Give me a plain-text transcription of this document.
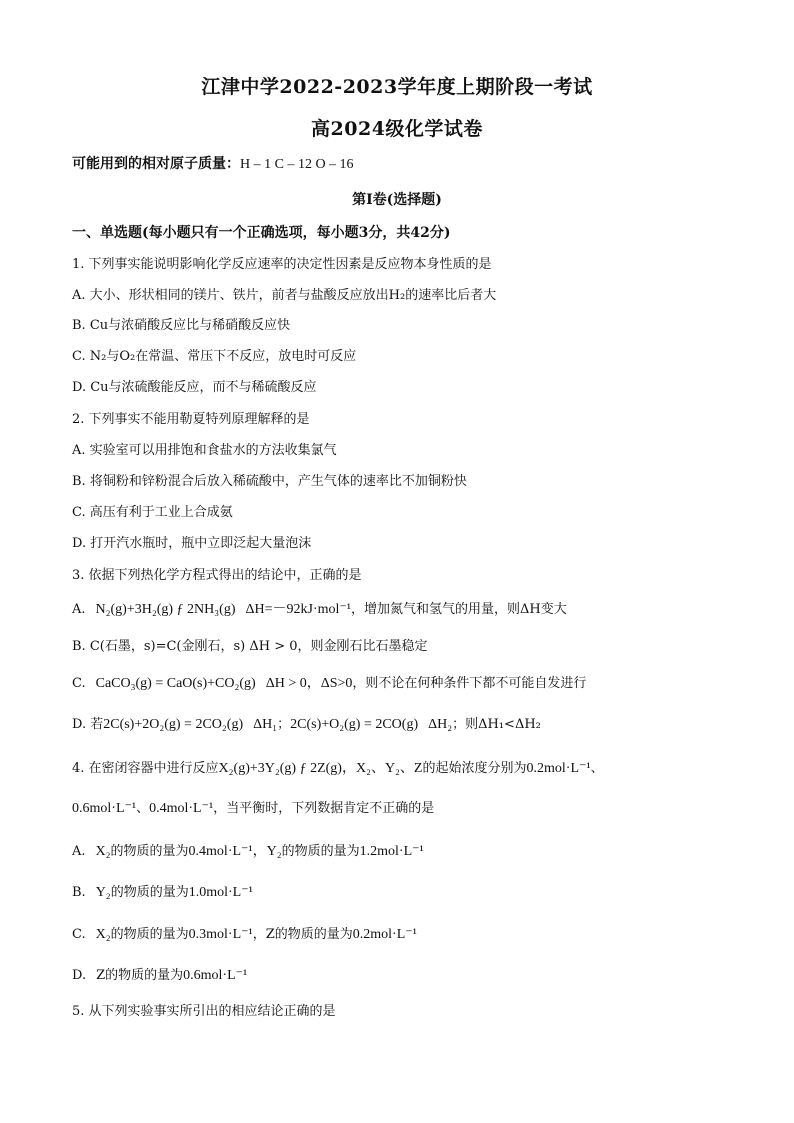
江津中学2022-2023学年度上期阶段一考试
高2024级化学试卷
可能用到的相对原子质量：H – 1 C – 12 O – 16
第I卷(选择题)
一、单选题(每小题只有一个正确选项，每小题3分，共42分)
1. 下列事实能说明影响化学反应速率的决定性因素是反应物本身性质的是
A. 大小、形状相同的镁片、铁片，前者与盐酸反应放出H₂的速率比后者大
B. Cu与浓硝酸反应比与稀硝酸反应快
C. N₂与O₂在常温、常压下不反应，放电时可反应
D. Cu与浓硫酸能反应，而不与稀硫酸反应
2. 下列事实不能用勒夏特列原理解释的是
A. 实验室可以用排饱和食盐水的方法收集氯气
B. 将铜粉和锌粉混合后放入稀硫酸中，产生气体的速率比不加铜粉快
C. 高压有利于工业上合成氨
D. 打开汽水瓶时，瓶中立即泛起大量泡沫
3. 依据下列热化学方程式得出的结论中，正确的是
A. N₂(g)+3H₂(g) ƒ 2NH₃(g) ΔH=－92kJ·mol⁻¹，增加氮气和氢气的用量，则ΔH变大
B. C(石墨，s)=C(金刚石，s) ΔH > 0，则金刚石比石墨稳定
C. CaCO₃(g) = CaO(s)+CO₂(g) ΔH > 0，ΔS>0，则不论在何种条件下都不可能自发进行
D. 若2C(s)+2O₂(g) = 2CO₂(g) ΔH₁；2C(s)+O₂(g) = 2CO(g) ΔH₂；则ΔH₁<ΔH₂
4. 在密闭容器中进行反应X₂(g)+3Y₂(g) ƒ 2Z(g)，X₂、Y₂、Z的起始浓度分别为0.2mol·L⁻¹、
0.6mol·L⁻¹、0.4mol·L⁻¹，当平衡时，下列数据肯定不正确的是
A. X₂的物质的量为0.4mol·L⁻¹，Y₂的物质的量为1.2mol·L⁻¹
B. Y₂的物质的量为1.0mol·L⁻¹
C. X₂的物质的量为0.3mol·L⁻¹，Z的物质的量为0.2mol·L⁻¹
D. Z的物质的量为0.6mol·L⁻¹
5. 从下列实验事实所引出的相应结论正确的是
